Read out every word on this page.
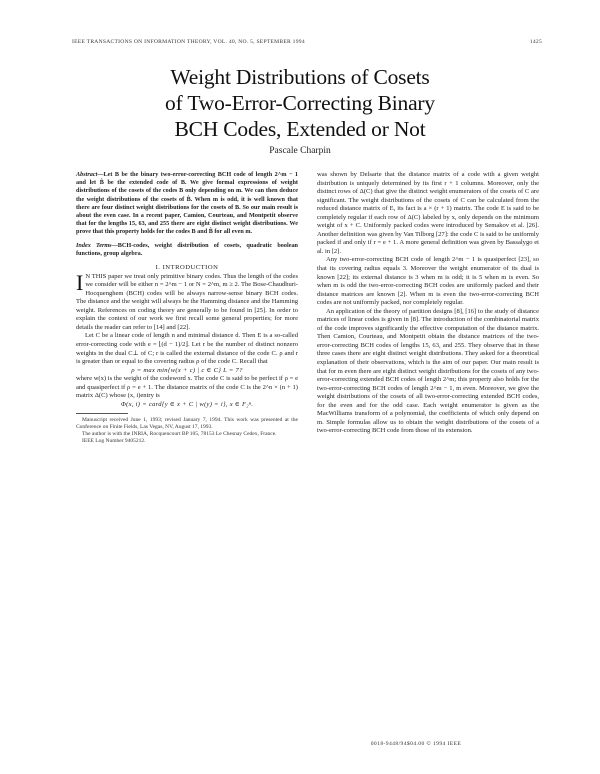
IEEE TRANSACTIONS ON INFORMATION THEORY, VOL. 40, NO. 5, SEPTEMBER 1994	1425
Weight Distributions of Cosets
of Two-Error-Correcting Binary
BCH Codes, Extended or Not
Pascale Charpin

Abstract—Let B be the binary two-error-correcting BCH code of length 2^m − 1 and let B̂ be the extended code of B. We give formal expressions of weight distributions of the cosets of the codes B only depending on m. We can then deduce the weight distributions of the cosets of B̂. When m is odd, it is well known that there are four distinct weight distributions for the cosets of B. So our main result is about the even case. In a recent paper, Camion, Courteau, and Montpetit observe that for the lengths 15, 63, and 255 there are eight distinct weight distributions. We prove that this property holds for the codes B and B̂ for all even m.

Index Terms—BCH-codes, weight distribution of cosets, quadratic boolean functions, group algebra.

I. INTRODUCTION

I N THIS paper we treat only primitive binary codes. Thus the length of the codes we consider will be either n = 2^m − 1 or N = 2^m, m ≥ 2. The Bose-Chaudhuri-Hocquenghem (BCH) codes will be always narrow-sense binary BCH codes. The distance and the weight will always be the Hamming distance and the Hamming weight. References on coding theory are generally to be found in [25]. In order to explain the context of our work we first recall some general properties; for more details the reader can refer to [14] and [22].

Let C be a linear code of length n and minimal distance d. Then E is a so-called error-correcting code with e = ⌊(d − 1)/2⌋. Let r be the number of distinct nonzero weights in the dual C⊥ of C; r is called the external distance of the code C. ρ and r is greater than or equal to the covering radius ρ of the code C. Recall that

ρ = max min{w(x + c) | c ∈ C} L = 7?

where w(x) is the weight of the codeword x. The code C is said to be perfect if ρ = e and quasiperfect if ρ = e + 1. The distance matrix of the code C is the 2^n × (n + 1) matrix Δ(C) whose (x, i)entry is

Φ(x, i) = card{y ∈ x + C | w(y) = i}, x ∈ F₂ⁿ.

Manuscript received June 1, 1993; revised January 7, 1994. This work was presented at the Conference on Finite Fields, Las Vegas, NV, August 17, 1993.

The author is with the INRIA, Rocquencourt BP 105, 78153 Le Chesnay Cedex, France.

IEEE Log Number 9405212.

was shown by Delsarte that the distance matrix of a code with a given weight distribution is uniquely determined by its first r + 1 columns. Moreover, only the distinct rows of Δ(C) that give the distinct weight enumerators of the cosets of C are significant. The weight distributions of the cosets of C can be calculated from the reduced distance matrix of E, its fact is a × (r + 1) matrix. The code E is said to be completely regular if each row of Δ(C) labeled by x, only depends on the minimum weight of x + C. Uniformly packed codes were introduced by Semakov et al. [26]. Another definition was given by Van Tilborg [27]: the code C is said to be uniformly packed if and only if r = e + 1. A more general definition was given by Bassalygo et al. in [2].

Any two-error-correcting BCH code of length 2^m − 1 is quasiperfect [23], so that its covering radius equals 3. Moreover the weight enumerator of its dual is known [22]; its external distance is 3 when m is odd; it is 5 when m is even. So when m is odd the two-error-correcting BCH codes are uniformly packed and their distance matrices are known [2]. When m is even the two-error-correcting BCH codes are not uniformly packed, nor completely regular.

An application of the theory of partition designs [8], [16] to the study of distance matrices of linear codes is given in [8]. The introduction of the combinatorial matrix of the code improves significantly the effective computation of the distance matrix. Then Camion, Courteau, and Montpetit obtain the distance matrices of the two-error-correcting BCH codes of lengths 15, 63, and 255. They observe that in these three cases there are eight distinct weight distributions. They asked for a theoretical explanation of their observations, which is the aim of our paper. Our main result is that for m even there are eight distinct weight distributions for the cosets of any two-error-correcting extended BCH codes of length 2^m; this property also holds for the two-error-correcting BCH codes of length 2^m − 1, m even. Moreover, we give the weight distributions of the cosets of all two-error-correcting extended BCH codes, for the even and for the odd case. Each weight enumerator is given as the MacWilliams transform of a polynomial, the coefficients of which only depend on m. Simple formulas allow us to obtain the weight distributions of the cosets of a two-error-correcting BCH code from those of its extension.

0018-9448/94$04.00 © 1994 IEEE
